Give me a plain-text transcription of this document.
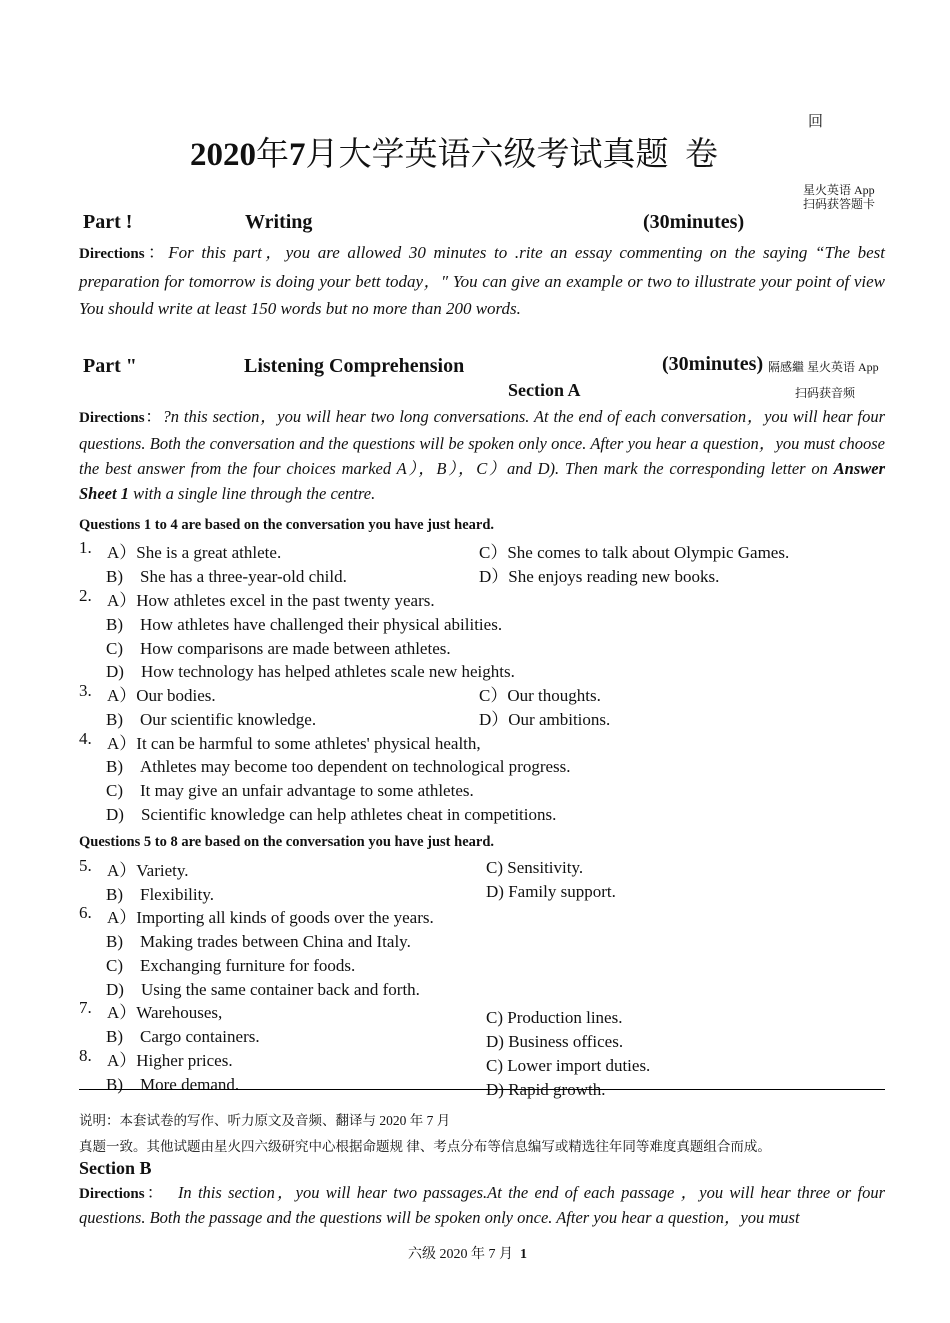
2020年7月大学英语六级考试真题 卷
回
星火英语 App
扫码获答题卡
Part !	Writing	(30minutes)
Directions：For this part，you are allowed 30 minutes to .rite an essay commenting on the saying “The best preparation for tomorrow is doing your bett today，″ You can give an example or two to illustrate your point of view You should write at least 150 words but no more than 200 words.
Part "	Listening Comprehension	(30minutes) 隔感繼 星火英语 App
扫码获音频
Section A
Directions：?n this section，you will hear two long conversations. At the end of each conversation，you will hear four questions. Both the conversation and the questions will be spoken only once. After you hear a question，you must choose the best answer from the four choices marked A），B），C）and D). Then mark the corresponding letter on Answer Sheet 1 with a single line through the centre.
Questions 1 to 4 are based on the conversation you have just heard.
1. A）She is a great athlete.	C）She comes to talk about Olympic Games.
B)　She has a three-year-old child.	D）She enjoys reading new books.
2. A）How athletes excel in the past twenty years.
B)　How athletes have challenged their physical abilities.
C)　How comparisons are made between athletes.
D)　How technology has helped athletes scale new heights.
3. A）Our bodies.	C）Our thoughts.
B)　Our scientific knowledge.	D）Our ambitions.
4. A）It can be harmful to some athletes' physical health,
B)　Athletes may become too dependent on technological progress.
C)　It may give an unfair advantage to some athletes.
D)　Scientific knowledge can help athletes cheat in competitions.
Questions 5 to 8 are based on the conversation you have just heard.
5. A）Variety.	C) Sensitivity.
B)　Flexibility.	D) Family support.
6. A）Importing all kinds of goods over the years.
B)　Making trades between China and Italy.
C)　Exchanging furniture for foods.
D)　Using the same container back and forth.
7. A）Warehouses,	C) Production lines.
B)　Cargo containers.	D) Business offices.
8. A）Higher prices.	C) Lower import duties.
B)　More demand.	D) Rapid growth.
说明：本套试卷的写作、听力原文及音频、翻译与 2020 年 7 月
真题一致。其他试题由星火四六级研究中心根据命题规 律、考点分布等信息编写或精选往年同等难度真题组合而成。
Section B
Directions：  In this section，you will hear two passages.At the end of each passage ，you will hear three or four questions. Both the passage and the questions will be spoken only once. After you hear a question，you must
六级 2020 年 7 月 1
